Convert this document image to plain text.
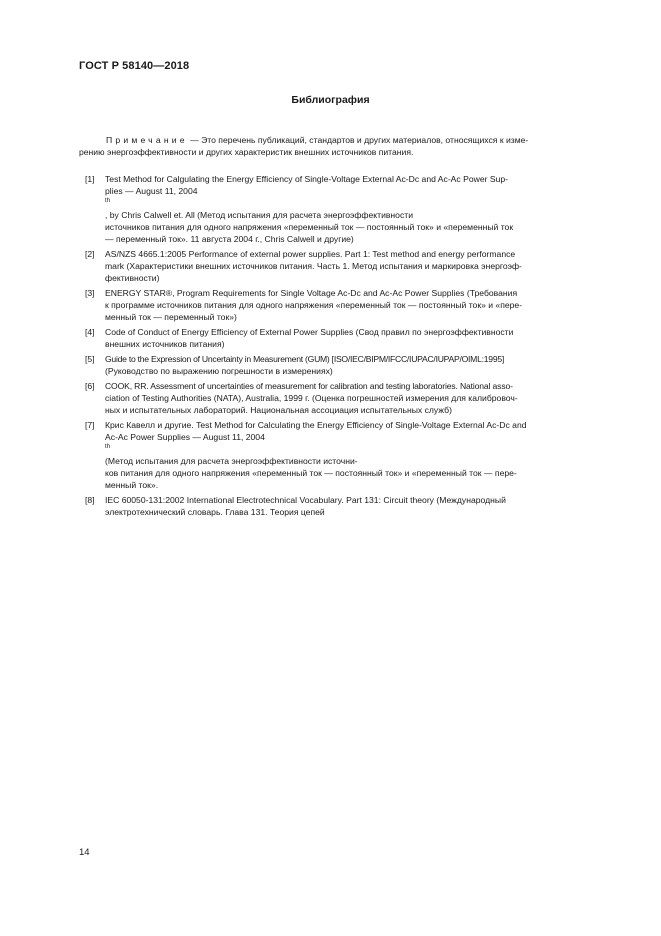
ГОСТ Р 58140—2018
Библиография
Примечание — Это перечень публикаций, стандартов и других материалов, относящихся к изме-
рению энергоэффективности и других характеристик внешних источников питания.
[1] Test Method for Calgulating the Energy Efficiency of Single-Voltage External Ac-Dc and Ac-Ac Power Sup-
plies — August 11, 2004
$^{th}$
, by Chris Calwell et. All (Метод испытания для расчета энергоэффективности
источников питания для одного напряжения «переменный ток — постоянный ток» и «переменный ток
— переменный ток». 11 августа 2004 г., Chris Calwell и другие)
[2] AS/NZS 4665.1:2005 Performance of external power supplies. Part 1: Test method and energy performance
mark (Характеристики внешних источников питания. Часть 1. Метод испытания и маркировка энергоэф-
фективности)
[3] ENERGY STAR®, Program Requirements for Single Voltage Ac-Dc and Ac-Ac Power Supplies (Требования
к программе источников питания для одного напряжения «переменный ток — постоянный ток» и «пере-
менный ток — переменный ток»)
[4] Code of Conduct of Energy Efficiency of External Power Supplies (Свод правил по энергоэффективности
внешних источников питания)
[5] Guide to the Expression of Uncertainty in Measurement (GUM) [ISO/IEC/BIPM/IFCC/IUPAC/IUPAP/OIML:1995]
(Руководство по выражению погрешности в измерениях)
[6] COOK, RR. Assessment of uncertainties of measurement for calibration and testing laboratories. National asso-
ciation of Testing Authorities (NATA), Australia, 1999 г. (Оценка погрешностей измерения для калибровоч-
ных и испытательных лабораторий. Национальная ассоциация испытательных служб)
[7] Крис Кавелл и другие. Test Method for Calculating the Energy Efficiency of Single-Voltage External Ac-Dc and
Ac-Ac Power Supplies — August 11, 2004
$^{th}$
(Метод испытания для расчета энергоэффективности источни-
ков питания для одного напряжения «переменный ток — постоянный ток» и «переменный ток — пере-
менный ток».
[8] IEC 60050-131:2002 International Electrotechnical Vocabulary. Part 131: Circuit theory (Международный
электротехнический словарь. Глава 131. Теория цепей
14
